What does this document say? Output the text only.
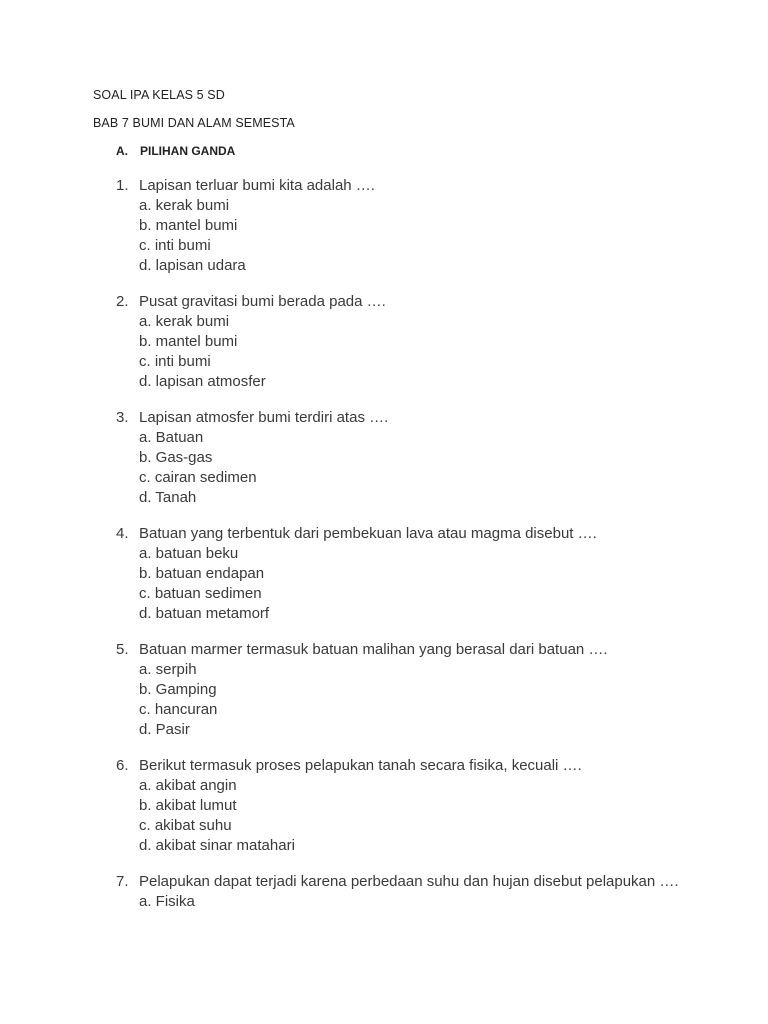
SOAL IPA KELAS 5 SD
BAB 7 BUMI DAN ALAM SEMESTA
A. PILIHAN GANDA
1. Lapisan terluar bumi kita adalah ….
a. kerak bumi
b. mantel bumi
c. inti bumi
d. lapisan udara
2. Pusat gravitasi bumi berada pada ….
a. kerak bumi
b. mantel bumi
c. inti bumi
d. lapisan atmosfer
3. Lapisan atmosfer bumi terdiri atas ….
a. Batuan
b. Gas-gas
c. cairan sedimen
d. Tanah
4. Batuan yang terbentuk dari pembekuan lava atau magma disebut ….
a. batuan beku
b. batuan endapan
c. batuan sedimen
d. batuan metamorf
5. Batuan marmer termasuk batuan malihan yang berasal dari batuan ….
a. serpih
b. Gamping
c. hancuran
d. Pasir
6. Berikut termasuk proses pelapukan tanah secara fisika, kecuali ….
a. akibat angin
b. akibat lumut
c. akibat suhu
d. akibat sinar matahari
7. Pelapukan dapat terjadi karena perbedaan suhu dan hujan disebut pelapukan ….
a. Fisika
